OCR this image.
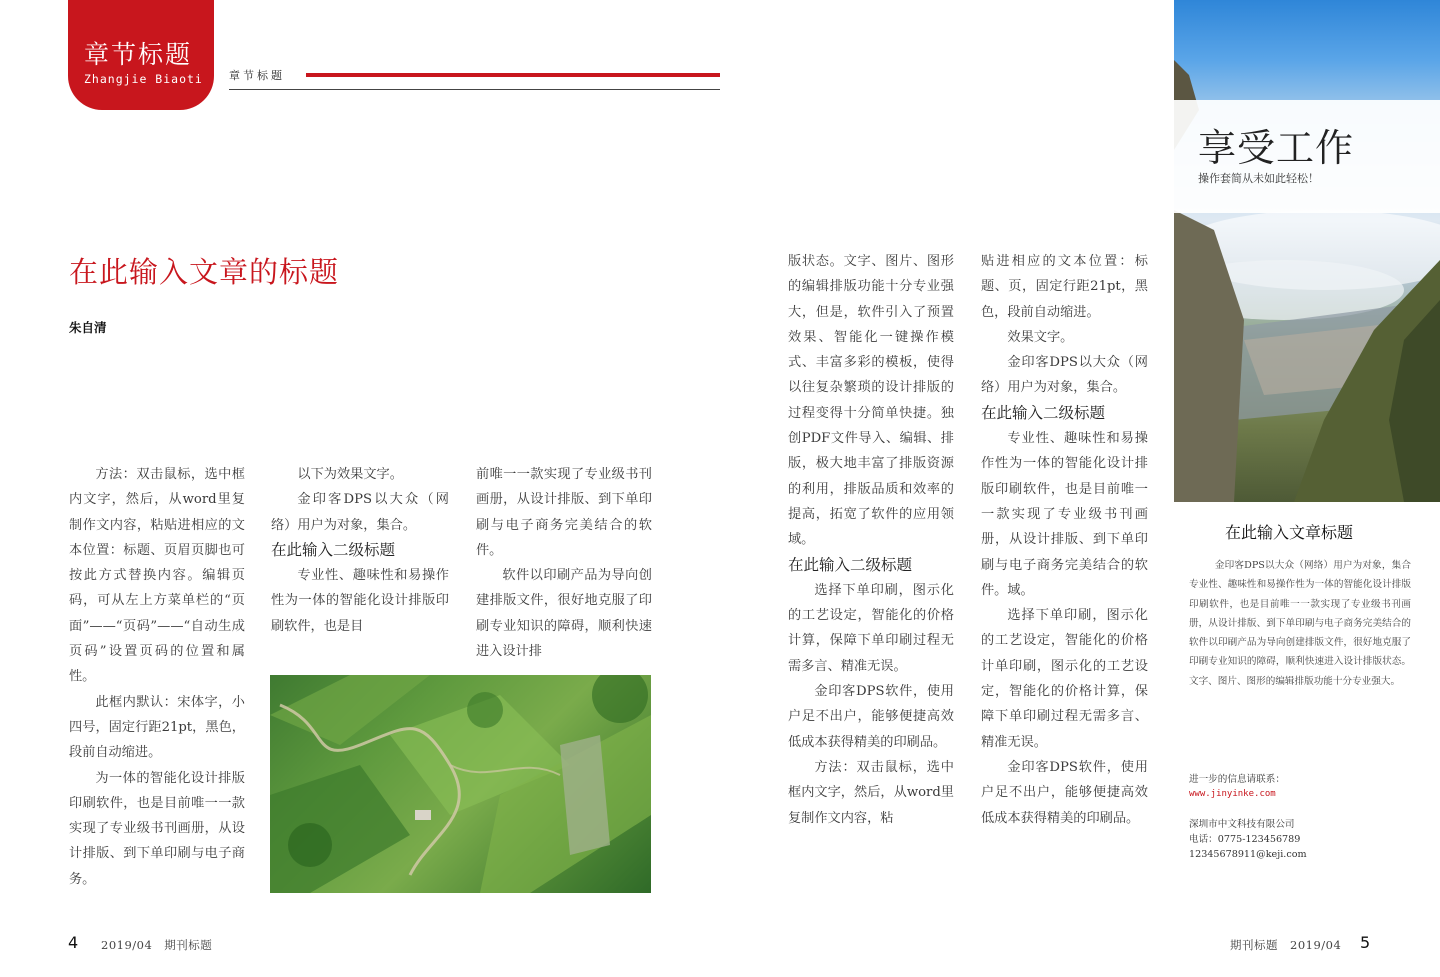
章节标题
Zhangjie Biaoti	章节标题
在此输入文章的标题
朱自清

方法：双击鼠标，选中框内文字，然后，从word里复制作文内容，粘贴进相应的文本位置：标题、页眉页脚也可按此方式替换内容。编辑页码，可从左上方菜单栏的“页面”——“页码”——“自动生成页码”设置页码的位置和属性。

此框内默认：宋体字，小四号，固定行距21pt，黑色，段前自动缩进。

为一体的智能化设计排版印刷软件，也是目前唯一一款实现了专业级书刊画册，从设计排版、到下单印刷与电子商务。

以下为效果文字。

金印客DPS以大众（网络）用户为对象，集合。

在此输入二级标题

专业性、趣味性和易操作性为一体的智能化设计排版印刷软件，也是目

前唯一一款实现了专业级书刊画册，从设计排版、到下单印刷与电子商务完美结合的软件。

软件以印刷产品为导向创建排版文件，很好地克服了印刷专业知识的障碍，顺利快速进入设计排

版状态。文字、图片、图形的编辑排版功能十分专业强大，但是，软件引入了预置效果、智能化一键操作模式、丰富多彩的模板，使得以往复杂繁琐的设计排版的过程变得十分简单快捷。独创PDF文件导入、编辑、排版，极大地丰富了排版资源的利用，排版品质和效率的提高，拓宽了软件的应用领域。

在此输入二级标题

选择下单印刷，图示化的工艺设定，智能化的价格计算，保障下单印刷过程无需多言、精准无误。

金印客DPS软件，使用户足不出户，能够便捷高效低成本获得精美的印刷品。

方法：双击鼠标，选中框内文字，然后，从word里复制作文内容，粘

贴进相应的文本位置：标题、页，固定行距21pt，黑色，段前自动缩进。

效果文字。

金印客DPS以大众（网络）用户为对象，集合。

在此输入二级标题

专业性、趣味性和易操作性为一体的智能化设计排版印刷软件，也是目前唯一一款实现了专业级书刊画册，从设计排版、到下单印刷与电子商务完美结合的软件。域。

选择下单印刷，图示化的工艺设定，智能化的价格计单印刷，图示化的工艺设定，智能化的价格计算，保障下单印刷过程无需多言、精准无误。

金印客DPS软件，使用户足不出户，能够便捷高效低成本获得精美的印刷品。

享受工作
操作套简从未如此轻松！
在此输入文章标题
金印客DPS以大众（网络）用户为对象，集合专业性、趣味性和易操作性为一体的智能化设计排版印刷软件，也是目前唯一一款实现了专业级书刊画册，从设计排版、到下单印刷与电子商务完美结合的软件以印刷产品为导向创建排版文件，很好地克服了印刷专业知识的障碍，顺利快速进入设计排版状态。文字、图片、图形的编辑排版功能十分专业强大。
进一步的信息请联系：
www.jinyinke.com
深圳市中文科技有限公司
电话：0775-123456789
12345678911@keji.com
4 2019/04　期刊标题	期刊标题　2019/04 5
